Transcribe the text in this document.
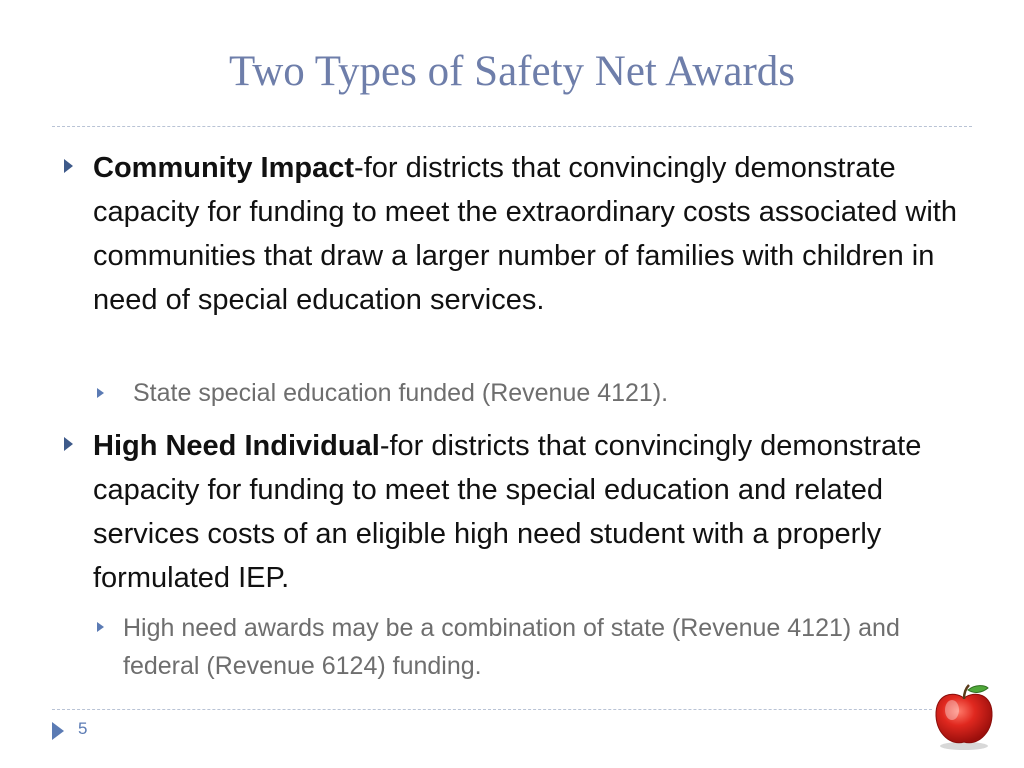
Two Types of Safety Net Awards

Community Impact-for districts that convincingly demonstrate capacity for funding to meet the extraordinary costs associated with communities that draw a larger number of families with children in need of special education services.

State special education funded (Revenue 4121).

High Need Individual-for districts that convincingly demonstrate capacity for funding to meet the special education and related services costs of an eligible high need student with a properly formulated IEP.

High need awards may be a combination of state (Revenue 4121) and federal (Revenue 6124) funding.

5
